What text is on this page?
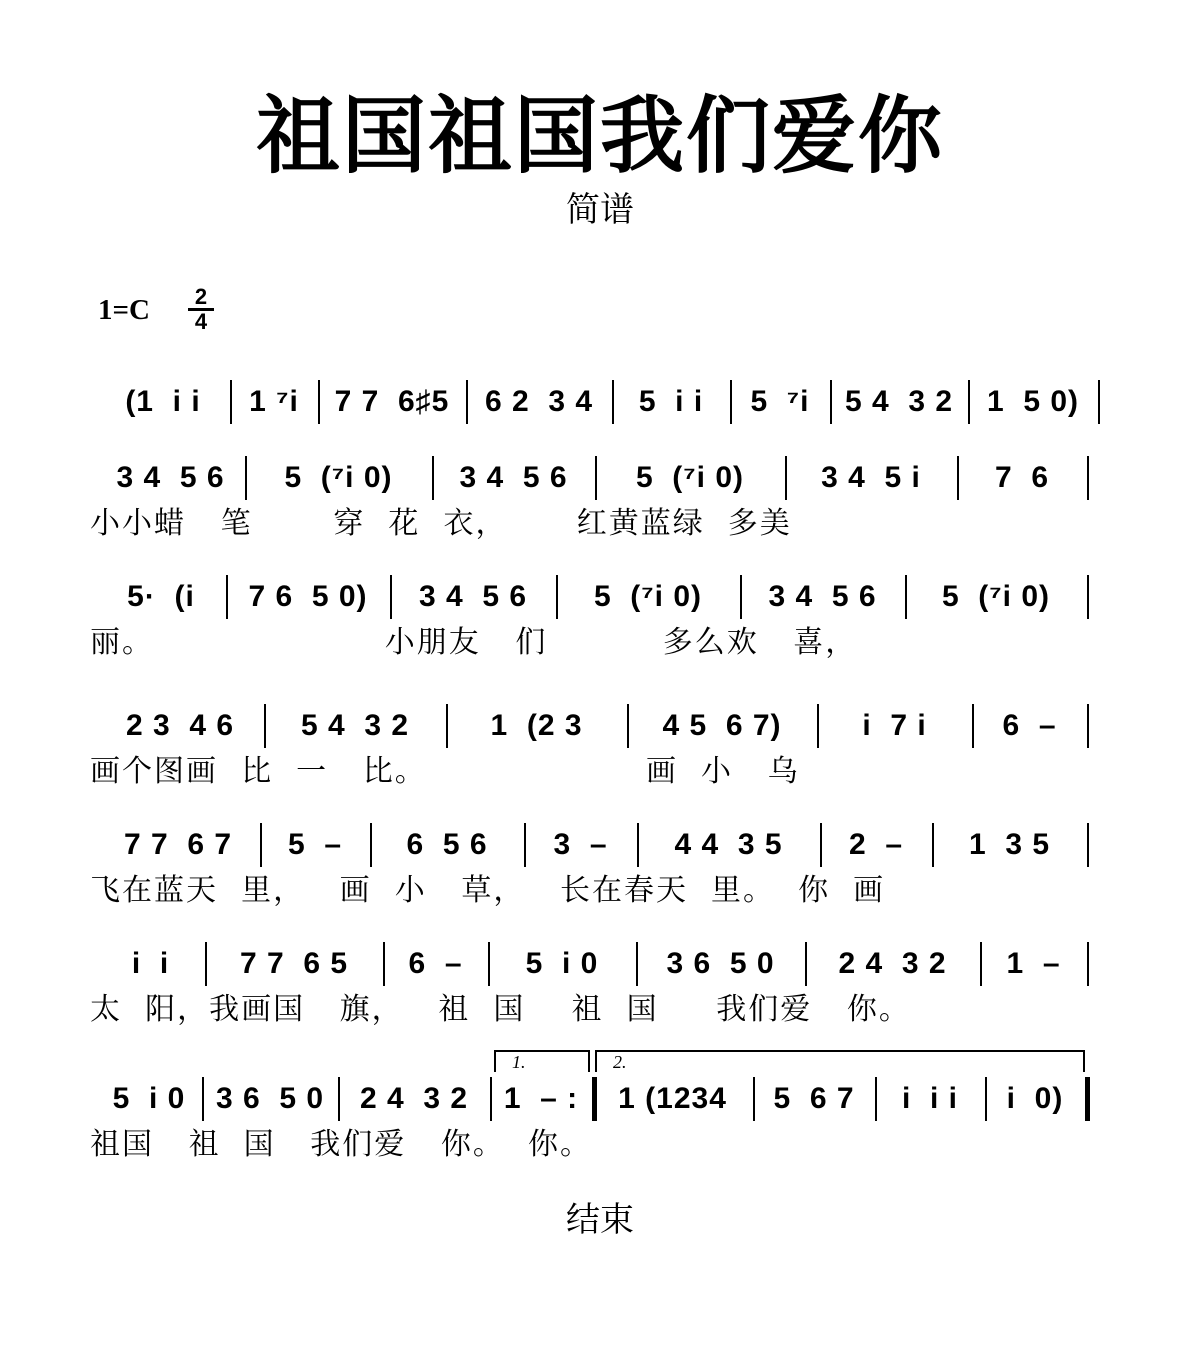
祖国祖国我们爱你
简谱
1=C	2
4
结束
(1  i i	1 ⁷i	7 7  6♯5	6 2  3 4	5  i i	5  ⁷i	5 4  3 2	1  5 0)
3 4  5 6	5  (⁷i 0)	3 4  5 6	5  (⁷i 0)	3 4  5 i	7  6
小小蜡   笔       穿  花  衣，      红黄蓝绿  多美
5·  (i	7 6  5 0)	3 4  5 6	5  (⁷i 0)	3 4  5 6	5  (⁷i 0)
丽。                    小朋友   们          多么欢   喜，
2 3  4 6	5 4  3 2	1  (2 3	4 5  6 7)	i  7 i	6  –
画个图画  比  一   比。                   画  小   乌
7 7  6 7	5  –	6  5 6	3  –	4 4  3 5	2  –	1  3 5
飞在蓝天  里，   画  小   草，   长在春天  里。  你  画
i  i	7 7  6 5	6  –	5  i 0	3 6  5 0	2 4  3 2	1  –
太  阳，我画国   旗，   祖  国    祖  国     我们爱   你。
5  i 0	3 6  5 0	2 4  3 2	1  – :	1 (1234	5  6 7	i  i i	i  0)
祖国   祖  国   我们爱   你。  你。
1.	2.
